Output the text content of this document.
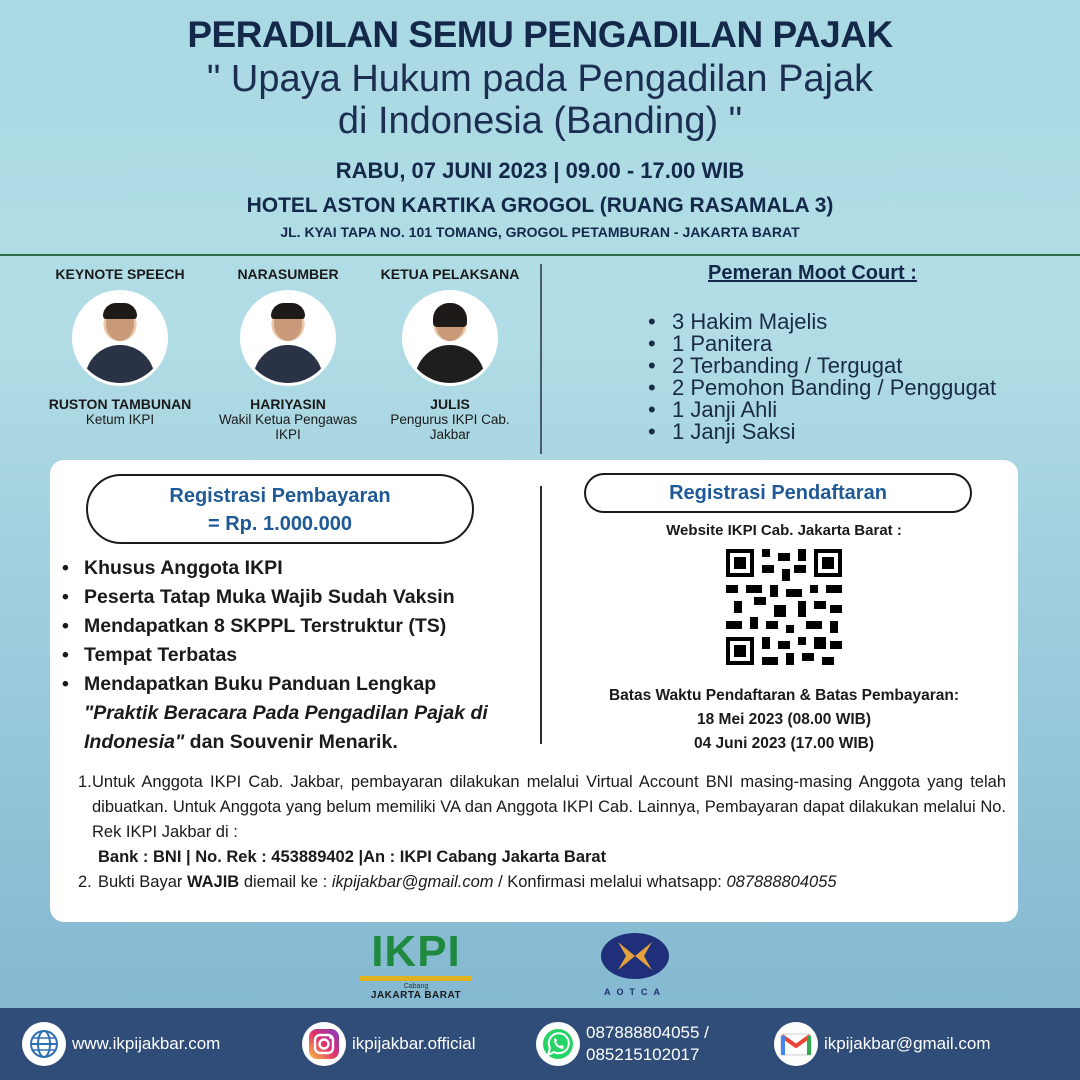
PERADILAN SEMU PENGADILAN PAJAK
" Upaya Hukum pada Pengadilan Pajak
di Indonesia (Banding) "
RABU, 07 JUNI 2023 | 09.00 - 17.00 WIB
HOTEL ASTON KARTIKA GROGOL (RUANG RASAMALA 3)
JL. KYAI TAPA NO. 101 TOMANG, GROGOL PETAMBURAN - JAKARTA BARAT
KEYNOTE SPEECH
RUSTON TAMBUNAN
Ketum IKPI
NARASUMBER
HARIYASIN
Wakil Ketua Pengawas IKPI
KETUA PELAKSANA
JULIS
Pengurus IKPI Cab. Jakbar
Pemeran Moot Court :
• 3 Hakim Majelis
• 1 Panitera
• 2 Terbanding / Tergugat
• 2 Pemohon Banding / Penggugat
• 1 Janji Ahli
• 1 Janji Saksi
Registrasi Pembayaran
= Rp. 1.000.000
Registrasi Pendaftaran
• Khusus Anggota IKPI
• Peserta Tatap Muka Wajib Sudah Vaksin
• Mendapatkan 8 SKPPL Terstruktur (TS)
• Tempat Terbatas
• Mendapatkan Buku Panduan Lengkap
"Praktik Beracara Pada Pengadilan Pajak di Indonesia" dan Souvenir Menarik.
Website IKPI Cab. Jakarta Barat :
Batas Waktu Pendaftaran & Batas Pembayaran:
18 Mei 2023 (08.00 WIB)
04 Juni 2023 (17.00 WIB)
1. Untuk Anggota IKPI Cab. Jakbar, pembayaran dilakukan melalui Virtual Account BNI masing-masing Anggota yang telah dibuatkan. Untuk Anggota yang belum memiliki VA dan Anggota IKPI Cab. Lainnya, Pembayaran dapat dilakukan melalui No. Rek IKPI Jakbar di :
Bank : BNI | No. Rek : 453889402 |An : IKPI Cabang Jakarta Barat
2. Bukti Bayar WAJIB diemail ke : ikpijakbar@gmail.com / Konfirmasi melalui whatsapp: 087888804055
IKPI
Cabang
JAKARTA BARAT	AOTCA
www.ikpijakbar.com	ikpijakbar.official
087888804055 /
085215102017
ikpijakbar@gmail.com
